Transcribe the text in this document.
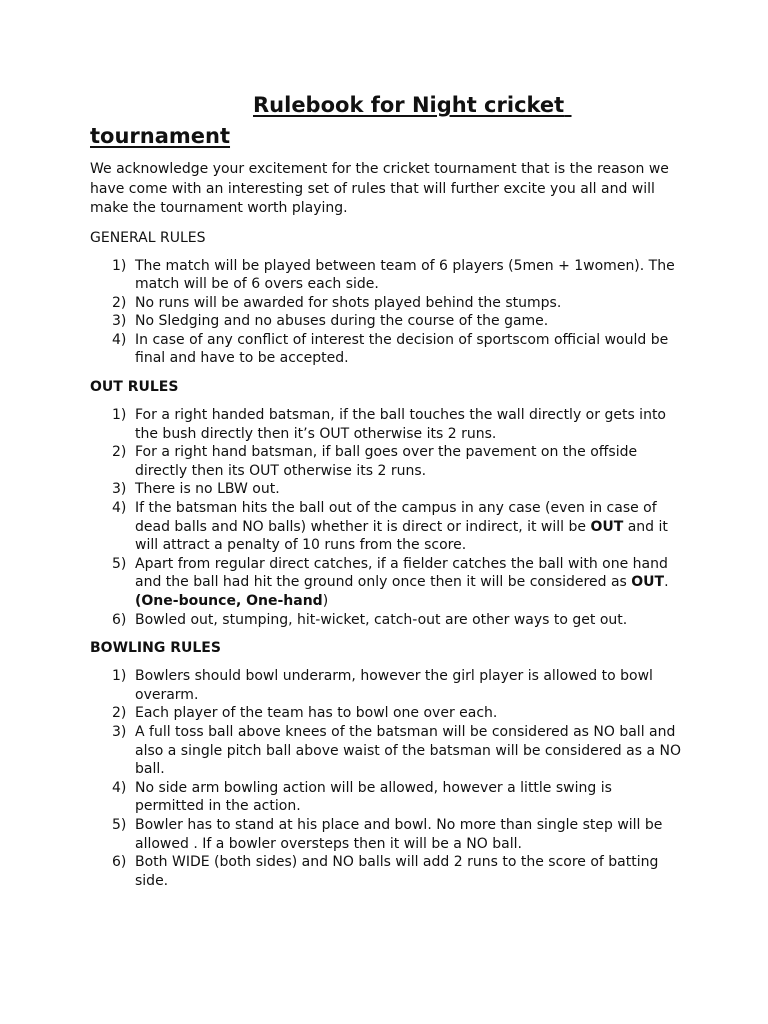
Rulebook for Night cricket tournament

We acknowledge your excitement for the cricket tournament that is the reason we have come with an interesting set of rules that will further excite you all and will make the tournament worth playing.

GENERAL RULES
1) The match will be played between team of 6 players (5men + 1women). The match will be of 6 overs each side.
2) No runs will be awarded for shots played behind the stumps.
3) No Sledging and no abuses during the course of the game.
4) In case of any conflict of interest the decision of sportscom official would be final and have to be accepted.
OUT RULES
1) For a right handed batsman, if the ball touches the wall directly or gets into the bush directly then it’s OUT otherwise its 2 runs.
2) For a right hand batsman, if ball goes over the pavement on the offside directly then its OUT otherwise its 2 runs.
3) There is no LBW out.
4) If the batsman hits the ball out of the campus in any case (even in case of dead balls and NO balls) whether it is direct or indirect, it will be OUT and it will attract a penalty of 10 runs from the score.
5) Apart from regular direct catches, if a fielder catches the ball with one hand and the ball had hit the ground only once then it will be considered as OUT. (One-bounce, One-hand)
6) Bowled out, stumping, hit-wicket, catch-out are other ways to get out.
BOWLING RULES
1) Bowlers should bowl underarm, however the girl player is allowed to bowl overarm.
2) Each player of the team has to bowl one over each.
3) A full toss ball above knees of the batsman will be considered as NO ball and also a single pitch ball above waist of the batsman will be considered as a NO ball.
4) No side arm bowling action will be allowed, however a little swing is permitted in the action.
5) Bowler has to stand at his place and bowl. No more than single step will be allowed . If a bowler oversteps then it will be a NO ball.
6) Both WIDE (both sides) and NO balls will add 2 runs to the score of batting side.
